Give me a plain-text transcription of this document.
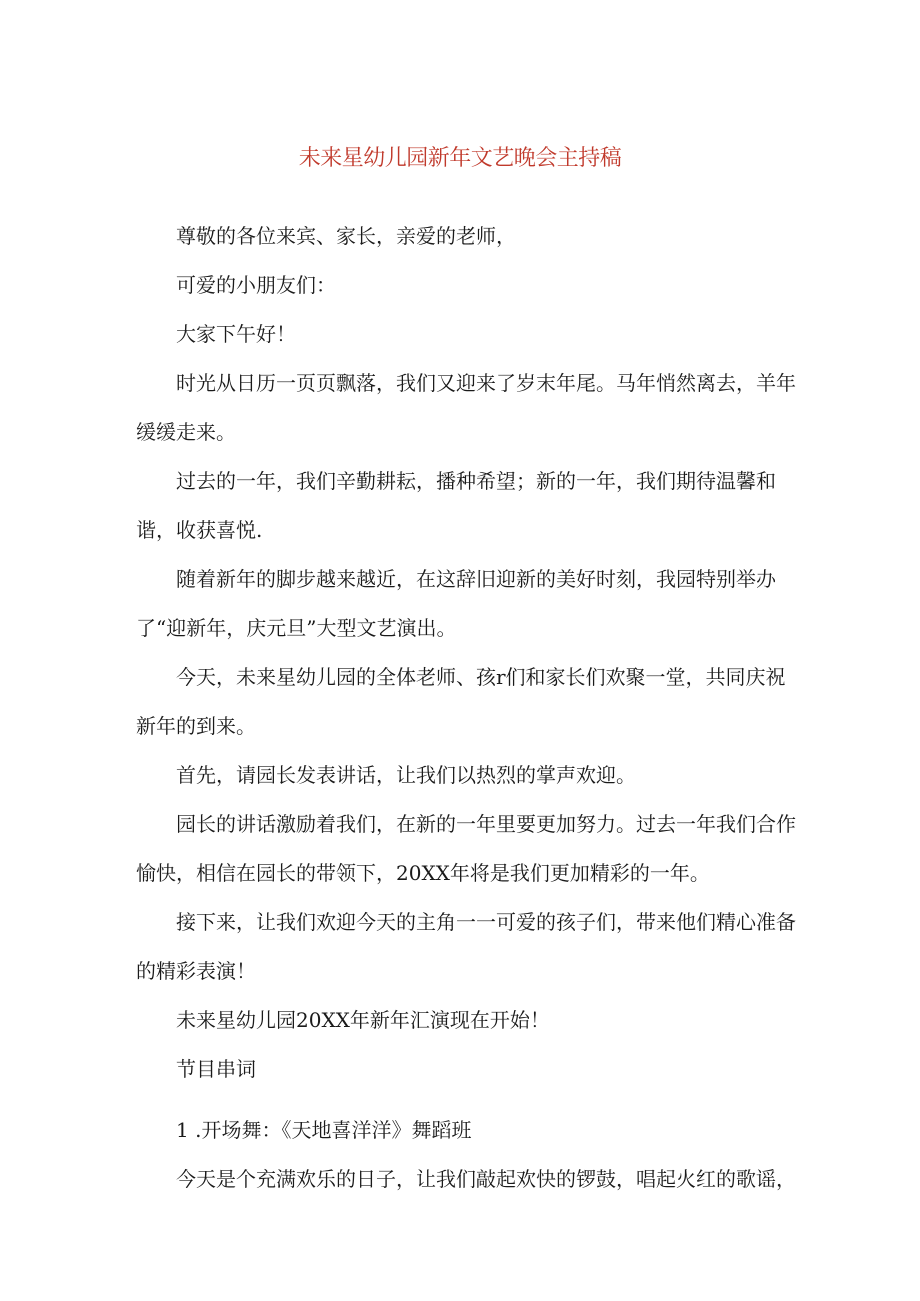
未来星幼儿园新年文艺晚会主持稿

尊敬的各位来宾、家长，亲爱的老师，

可爱的小朋友们：

大家下午好！

时光从日历一页页飘落，我们又迎来了岁末年尾。马年悄然离去，羊年缓缓走来。

过去的一年，我们辛勤耕耘，播种希望；新的一年，我们期待温馨和谐，收获喜悦.

随着新年的脚步越来越近，在这辞旧迎新的美好时刻，我园特别举办了“迎新年，庆元旦”大型文艺演出。

今天，未来星幼儿园的全体老师、孩r们和家长们欢聚一堂，共同庆祝新年的到来。

首先，请园长发表讲话，让我们以热烈的掌声欢迎。

园长的讲话激励着我们，在新的一年里要更加努力。过去一年我们合作愉快，相信在园长的带领下，20XX年将是我们更加精彩的一年。

接下来，让我们欢迎今天的主角一一可爱的孩子们，带来他们精心准备的精彩表演！

未来星幼儿园20XX年新年汇演现在开始！

节目串词

1 .开场舞：《天地喜洋洋》舞蹈班

今天是个充满欢乐的日子，让我们敲起欢快的锣鼓，唱起火红的歌谣，
